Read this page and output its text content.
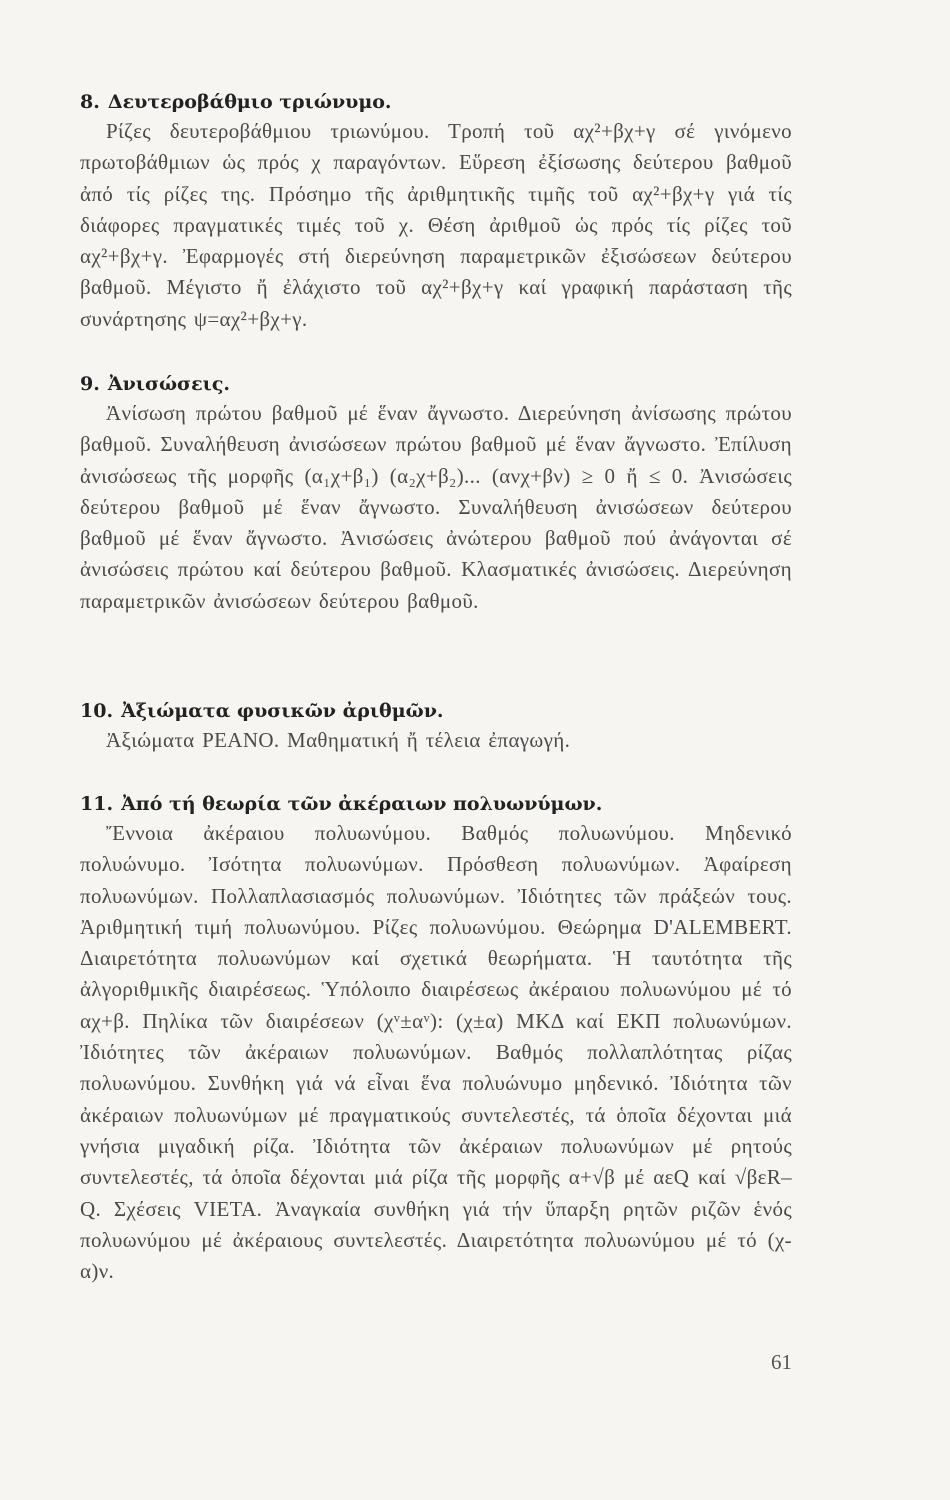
8. Δευτεροβάθμιο τριώνυμο.

Ρίζες δευτεροβάθμιου τριωνύμου. Τροπή τοῦ αχ²+βχ+γ σέ γινόμενο πρωτοβάθμιων ὡς πρός χ παραγόντων. Εὕρεση ἐξίσωσης δεύτερου βαθμοῦ ἀπό τίς ρίζες της. Πρόσημο τῆς ἀριθμητικῆς τιμῆς τοῦ αχ²+βχ+γ γιά τίς διάφορες πραγματικές τιμές τοῦ χ. Θέση ἀριθμοῦ ὡς πρός τίς ρίζες τοῦ αχ²+βχ+γ. Ἐφαρμογές στή διερεύνηση παραμετρικῶν ἐξισώσεων δεύτερου βαθμοῦ. Μέγιστο ἤ ἐλάχιστο τοῦ αχ²+βχ+γ καί γραφική παράσταση τῆς συνάρτησης ψ=αχ²+βχ+γ.

9. Ἀνισώσεις.

Ἀνίσωση πρώτου βαθμοῦ μέ ἕναν ἄγνωστο. Διερεύνηση ἀνίσωσης πρώτου βαθμοῦ. Συναλήθευση ἀνισώσεων πρώτου βαθμοῦ μέ ἕναν ἄγνωστο. Ἐπίλυση ἀνισώσεως τῆς μορφῆς (α₁χ+β₁) (α₂χ+β₂)... (ανχ+βν) ≥ 0 ἤ ≤ 0. Ἀνισώσεις δεύτερου βαθμοῦ μέ ἕναν ἄγνωστο. Συναλήθευση ἀνισώσεων δεύτερου βαθμοῦ μέ ἕναν ἄγνωστο. Ἀνισώσεις ἀνώτερου βαθμοῦ πού ἀνάγονται σέ ἀνισώσεις πρώτου καί δεύτερου βαθμοῦ. Κλασματικές ἀνισώσεις. Διερεύνηση παραμετρικῶν ἀνισώσεων δεύτερου βαθμοῦ.

10. Ἀξιώματα φυσικῶν ἀριθμῶν.

Ἀξιώματα PEANO. Μαθηματική ἤ τέλεια ἐπαγωγή.

11. Ἀπό τή θεωρία τῶν ἀκέραιων πολυωνύμων.

Ἔννοια ἀκέραιου πολυωνύμου. Βαθμός πολυωνύμου. Μηδενικό πολυώνυμο. Ἰσότητα πολυωνύμων. Πρόσθεση πολυωνύμων. Ἀφαίρεση πολυωνύμων. Πολλαπλασιασμός πολυωνύμων. Ἰδιότητες τῶν πράξεών τους. Ἀριθμητική τιμή πολυωνύμου. Ρίζες πολυωνύμου. Θεώρημα D'ALEMBERT. Διαιρετότητα πολυωνύμων καί σχετικά θεωρήματα. Ἡ ταυτότητα τῆς ἀλγοριθμικῆς διαιρέσεως. Ὑπόλοιπο διαιρέσεως ἀκέραιου πολυωνύμου μέ τό αχ+β. Πηλίκα τῶν διαιρέσεων (χᵛ±αᵛ): (χ±α) ΜΚΔ καί ΕΚΠ πολυωνύμων. Ἰδιότητες τῶν ἀκέραιων πολυωνύμων. Βαθμός πολλαπλότητας ρίζας πολυωνύμου. Συνθήκη γιά νά εἶναι ἕνα πολυώνυμο μηδενικό. Ἰδιότητα τῶν ἀκέραιων πολυωνύμων μέ πραγματικούς συντελεστές, τά ὁποῖα δέχονται μιά γνήσια μιγαδική ρίζα. Ἰδιότητα τῶν ἀκέραιων πολυωνύμων μέ ρητούς συντελεστές, τά ὁποῖα δέχονται μιά ρίζα τῆς μορφῆς α+√β μέ αεQ καί √βεR–Q. Σχέσεις VIETA. Ἀναγκαία συνθήκη γιά τήν ὕπαρξη ρητῶν ριζῶν ἑνός πολυωνύμου μέ ἀκέραιους συντελεστές. Διαιρετότητα πολυωνύμου μέ τό (χ-α)ν.

61
